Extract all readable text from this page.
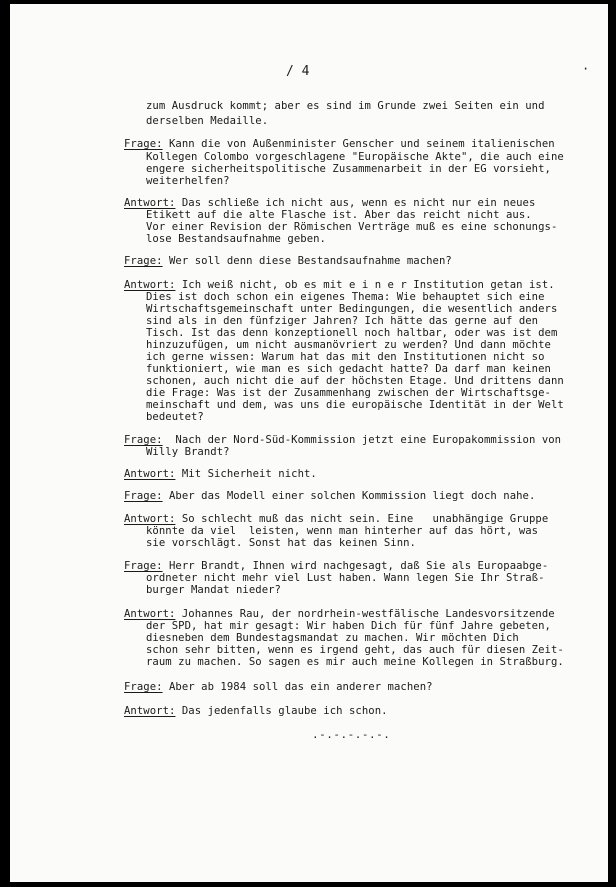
/ 4	·
zum Ausdruck kommt; aber es sind im Grunde zwei Seiten ein und
derselben Medaille.
Frage: Kann die von Außenminister Genscher und seinem italienischen
Kollegen Colombo vorgeschlagene "Europäische Akte", die auch eine
engere sicherheitspolitische Zusammenarbeit in der EG vorsieht,
weiterhelfen?
Antwort: Das schließe ich nicht aus, wenn es nicht nur ein neues
Etikett auf die alte Flasche ist. Aber das reicht nicht aus.
Vor einer Revision der Römischen Verträge muß es eine schonungs-
lose Bestandsaufnahme geben.
Frage: Wer soll denn diese Bestandsaufnahme machen?
Antwort: Ich weiß nicht, ob es mit e i n e r Institution getan ist.
Dies ist doch schon ein eigenes Thema: Wie behauptet sich eine
Wirtschaftsgemeinschaft unter Bedingungen, die wesentlich anders
sind als in den fünfziger Jahren? Ich hätte das gerne auf den
Tisch. Ist das denn konzeptionell noch haltbar, oder was ist dem
hinzuzufügen, um nicht ausmanövriert zu werden? Und dann möchte
ich gerne wissen: Warum hat das mit den Institutionen nicht so
funktioniert, wie man es sich gedacht hatte? Da darf man keinen
schonen, auch nicht die auf der höchsten Etage. Und drittens dann
die Frage: Was ist der Zusammenhang zwischen der Wirtschaftsge-
meinschaft und dem, was uns die europäische Identität in der Welt
bedeutet?
Frage:  Nach der Nord-Süd-Kommission jetzt eine Europakommission von
Willy Brandt?
Antwort: Mit Sicherheit nicht.
Frage: Aber das Modell einer solchen Kommission liegt doch nahe.
Antwort: So schlecht muß das nicht sein. Eine   unabhängige Gruppe
könnte da viel  leisten, wenn man hinterher auf das hört, was
sie vorschlägt. Sonst hat das keinen Sinn.
Frage: Herr Brandt, Ihnen wird nachgesagt, daß Sie als Europaabge-
ordneter nicht mehr viel Lust haben. Wann legen Sie Ihr Straß-
burger Mandat nieder?
Antwort: Johannes Rau, der nordrhein-westfälische Landesvorsitzende
der SPD, hat mir gesagt: Wir haben Dich für fünf Jahre gebeten,
diesneben dem Bundestagsmandat zu machen. Wir möchten Dich
schon sehr bitten, wenn es irgend geht, das auch für diesen Zeit-
raum zu machen. So sagen es mir auch meine Kollegen in Straßburg.
Frage: Aber ab 1984 soll das ein anderer machen?
Antwort: Das jedenfalls glaube ich schon.
.-.-.-.-.-.
